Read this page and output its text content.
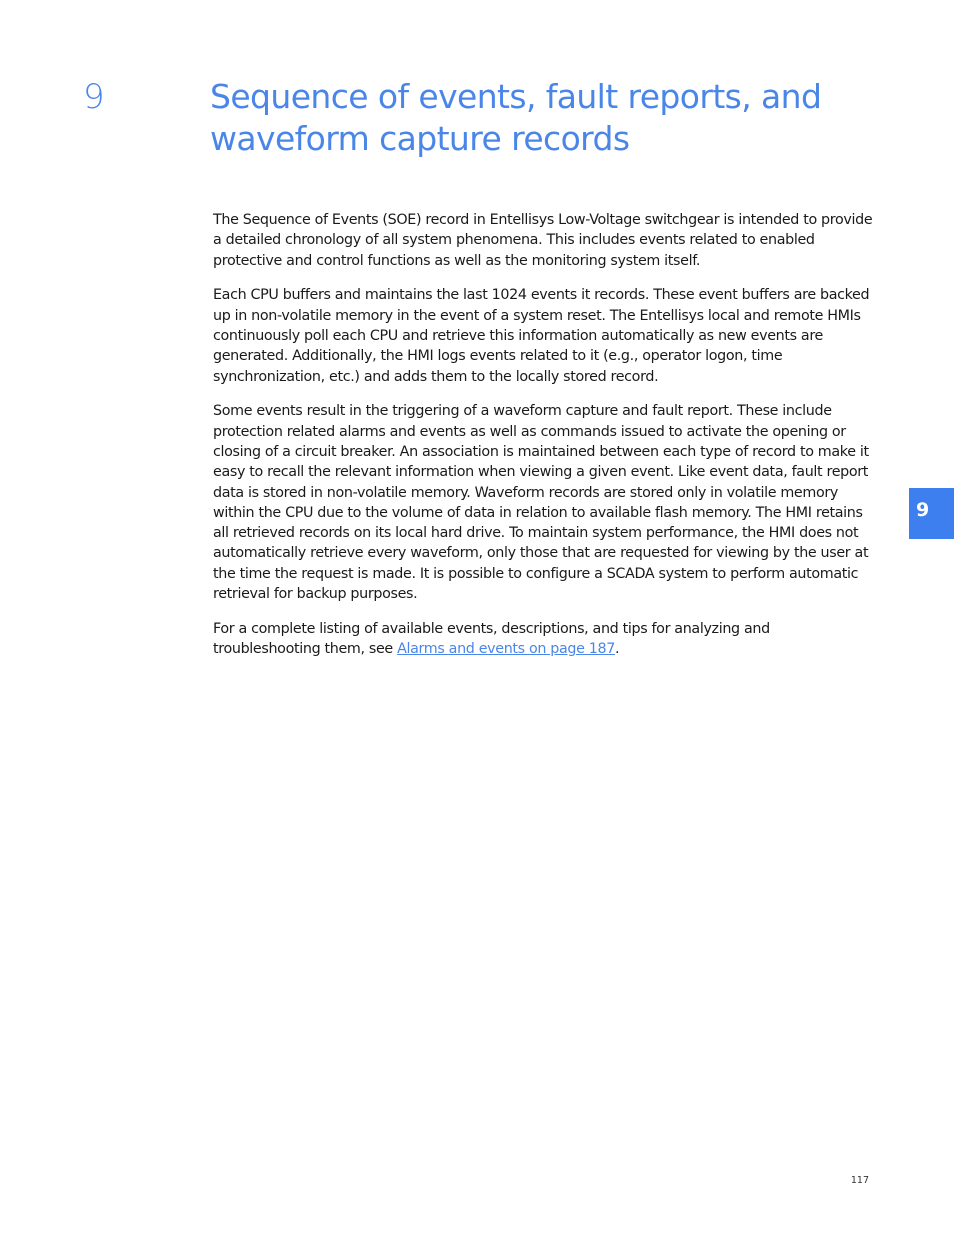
9	Sequence of events, fault reports, and waveform capture records

The Sequence of Events (SOE) record in Entellisys Low-Voltage switchgear is intended to provide a detailed chronology of all system phenomena. This includes events related to enabled protective and control functions as well as the monitoring system itself.

Each CPU buffers and maintains the last 1024 events it records. These event buffers are backed up in non-volatile memory in the event of a system reset. The Entellisys local and remote HMIs continuously poll each CPU and retrieve this information automatically as new events are generated. Additionally, the HMI logs events related to it (e.g., operator logon, time synchronization, etc.) and adds them to the locally stored record.

Some events result in the triggering of a waveform capture and fault report. These include protection related alarms and events as well as commands issued to activate the opening or closing of a circuit breaker. An association is maintained between each type of record to make it easy to recall the relevant information when viewing a given event. Like event data, fault report data is stored in non-volatile memory. Waveform records are stored only in volatile memory within the CPU due to the volume of data in relation to available flash memory. The HMI retains all retrieved records on its local hard drive. To maintain system performance, the HMI does not automatically retrieve every waveform, only those that are requested for viewing by the user at the time the request is made. It is possible to configure a SCADA system to perform automatic retrieval for backup purposes.

For a complete listing of available events, descriptions, and tips for analyzing and troubleshooting them, see Alarms and events on page 187.

9
117
